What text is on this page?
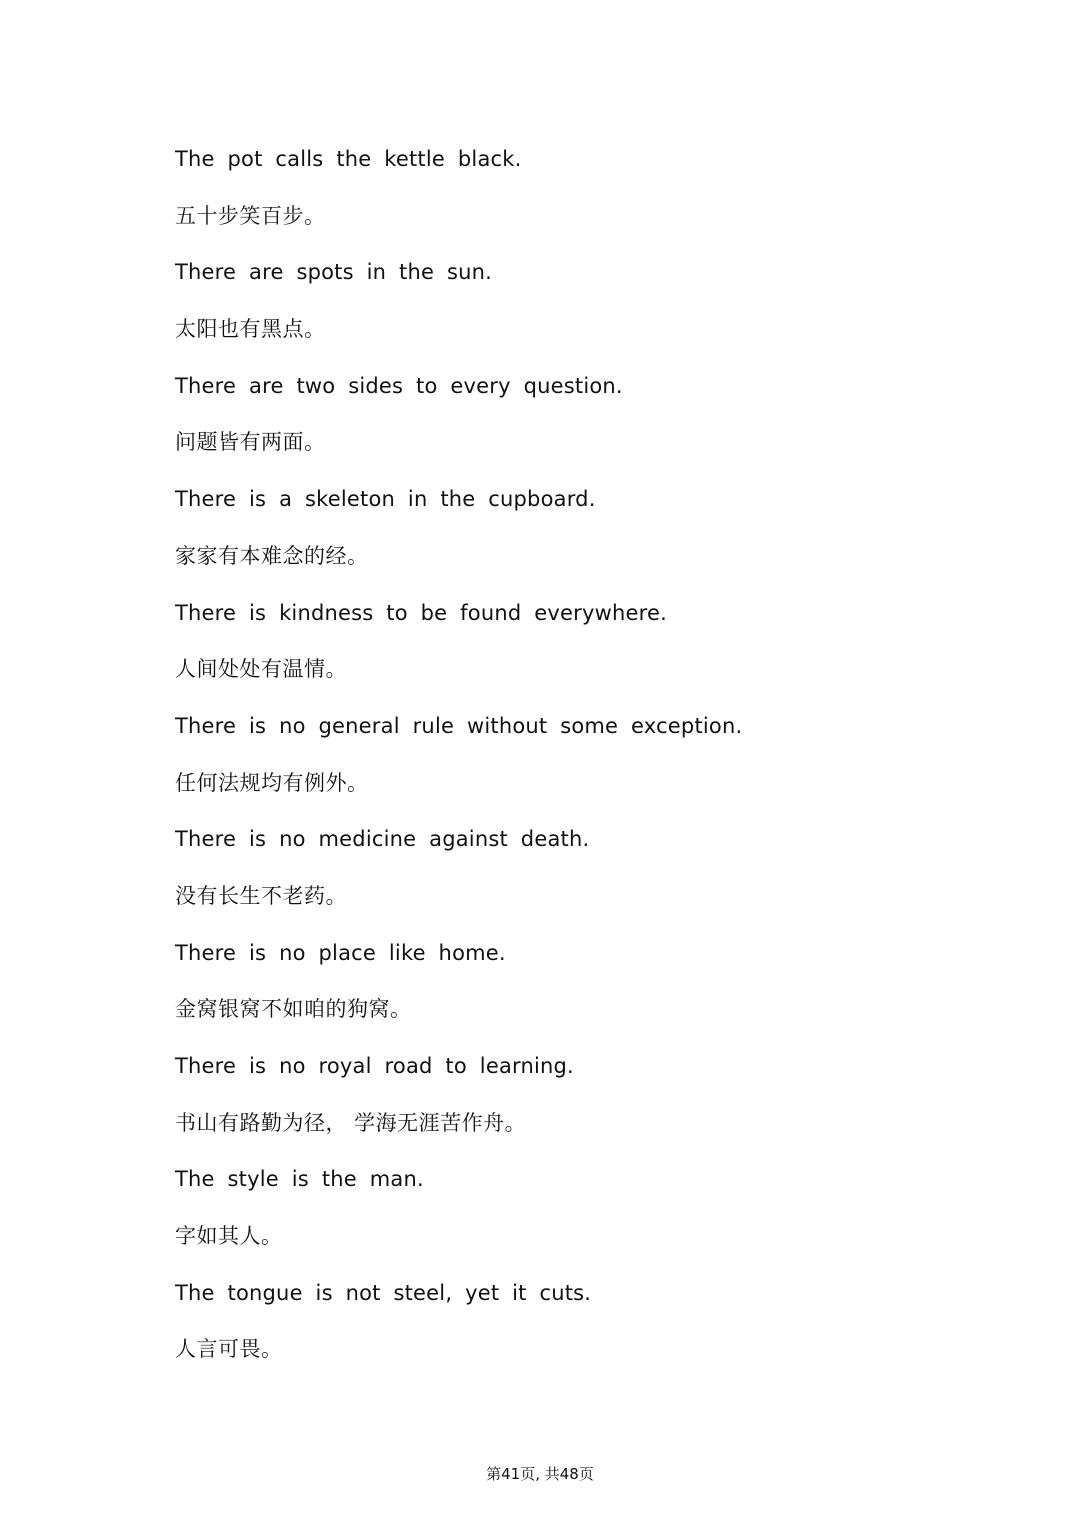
The pot calls the kettle black.
五十步笑百步。
There are spots in the sun.
太阳也有黑点。
There are two sides to every question.
问题皆有两面。
There is a skeleton in the cupboard.
家家有本难念的经。
There is kindness to be found everywhere.
人间处处有温情。
There is no general rule without some exception.
任何法规均有例外。
There is no medicine against death.
没有长生不老药。
There is no place like home.
金窝银窝不如咱的狗窝。
There is no royal road to learning.
书山有路勤为径， 学海无涯苦作舟。
The style is the man.
字如其人。
The tongue is not steel, yet it cuts.
人言可畏。
第41页, 共48页
